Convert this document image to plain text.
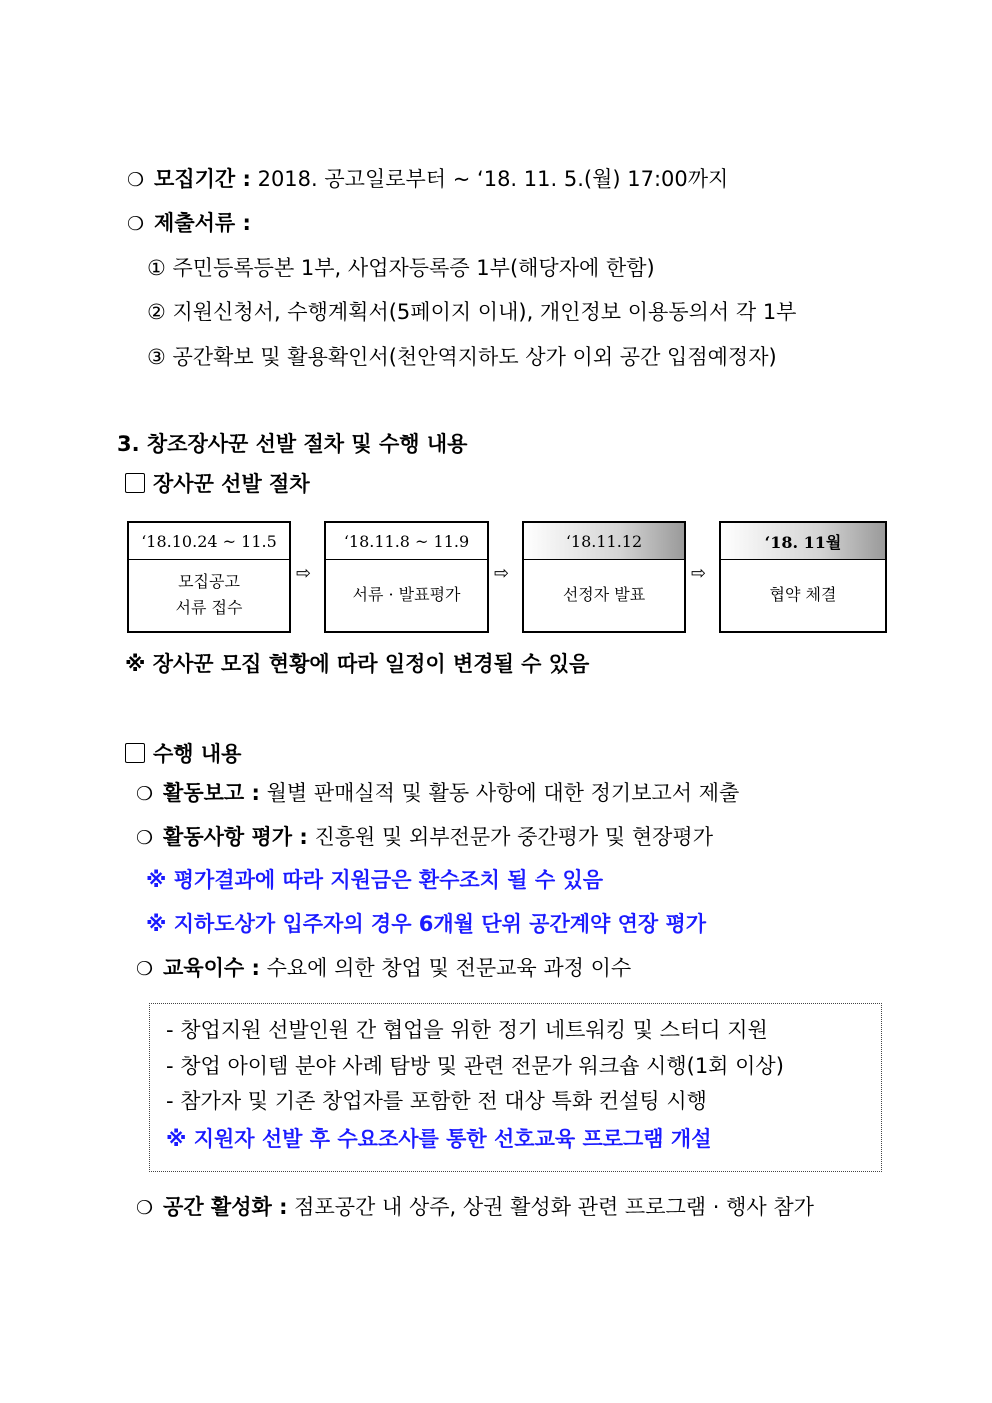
❍ 모집기간 : 2018. 공고일로부터 ~ ‘18. 11. 5.(월) 17:00까지
❍ 제출서류 :
① 주민등록등본 1부, 사업자등록증 1부(해당자에 한함)
② 지원신청서, 수행계획서(5페이지 이내), 개인정보 이용동의서 각 1부
③ 공간확보 및 활용확인서(천안역지하도 상가 이외 공간 입점예정자)
3. 창조장사꾼 선발 절차 및 수행 내용
장사꾼 선발 절차
‘18.10.24 ~ 11.5
모집공고
서류 접수
⇨
‘18.11.8 ~ 11.9
서류 · 발표평가
⇨
‘18.11.12
선정자 발표
⇨
‘18. 11월
협약 체결
※ 장사꾼 모집 현황에 따라 일정이 변경될 수 있음
수행 내용
❍ 활동보고 : 월별 판매실적 및 활동 사항에 대한 정기보고서 제출
❍ 활동사항 평가 : 진흥원 및 외부전문가 중간평가 및 현장평가
※ 평가결과에 따라 지원금은 환수조치 될 수 있음
※ 지하도상가 입주자의 경우 6개월 단위 공간계약 연장 평가
❍ 교육이수 : 수요에 의한 창업 및 전문교육 과정 이수
- 창업지원 선발인원 간 협업을 위한 정기 네트워킹 및 스터디 지원
- 창업 아이템 분야 사례 탐방 및 관련 전문가 워크숍 시행(1회 이상)
- 참가자 및 기존 창업자를 포함한 전 대상 특화 컨설팅 시행
※ 지원자 선발 후 수요조사를 통한 선호교육 프로그램 개설
❍ 공간 활성화 : 점포공간 내 상주, 상권 활성화 관련 프로그램 · 행사 참가
